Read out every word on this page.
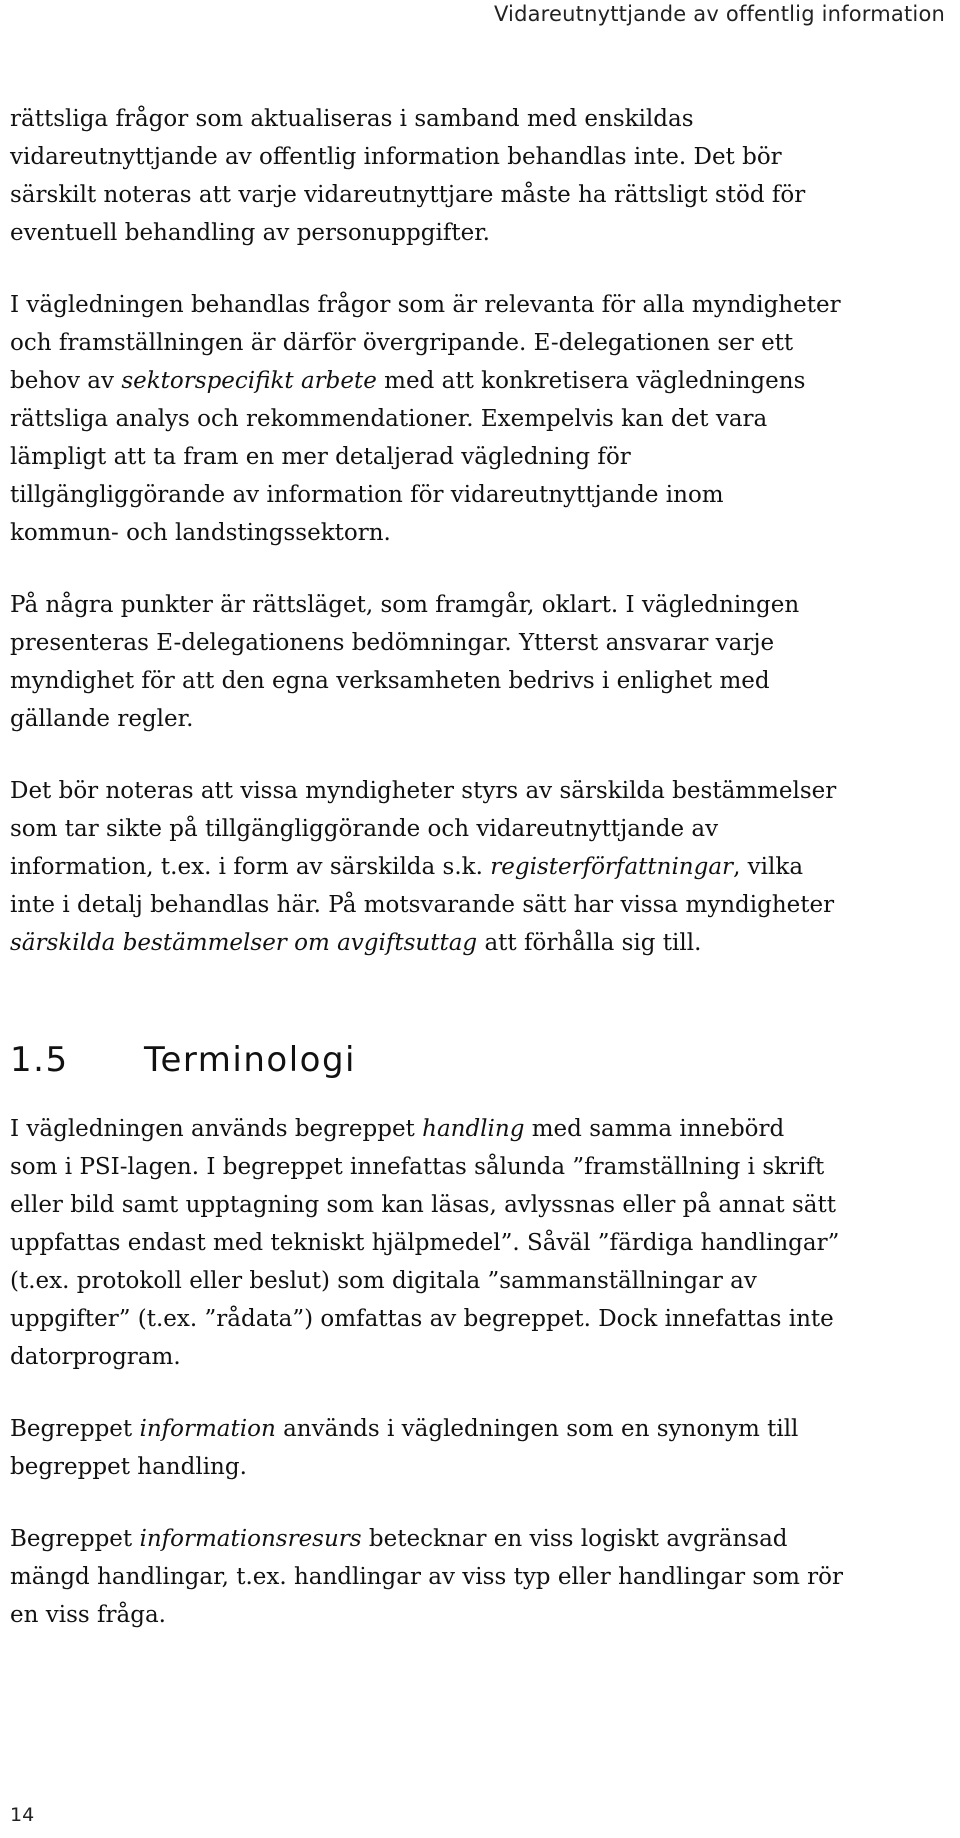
Vidareutnyttjande av offentlig information

rättsliga frågor som aktualiseras i samband med enskildas
vidareutnyttjande av offentlig information behandlas inte. Det bör
särskilt noteras att varje vidareutnyttjare måste ha rättsligt stöd för
eventuell behandling av personuppgifter.

I vägledningen behandlas frågor som är relevanta för alla myndigheter
och framställningen är därför övergripande. E-delegationen ser ett
behov av sektorspecifikt arbete med att konkretisera vägledningens
rättsliga analys och rekommendationer. Exempelvis kan det vara
lämpligt att ta fram en mer detaljerad vägledning för
tillgängliggörande av information för vidareutnyttjande inom
kommun- och landstingssektorn.

På några punkter är rättsläget, som framgår, oklart. I vägledningen
presenteras E-delegationens bedömningar. Ytterst ansvarar varje
myndighet för att den egna verksamheten bedrivs i enlighet med
gällande regler.

Det bör noteras att vissa myndigheter styrs av särskilda bestämmelser
som tar sikte på tillgängliggörande och vidareutnyttjande av
information, t.ex. i form av särskilda s.k. registerförfattningar, vilka
inte i detalj behandlas här. På motsvarande sätt har vissa myndigheter
särskilda bestämmelser om avgiftsuttag att förhålla sig till.

1.5 Terminologi

I vägledningen används begreppet handling med samma innebörd
som i PSI-lagen. I begreppet innefattas sålunda ”framställning i skrift
eller bild samt upptagning som kan läsas, avlyssnas eller på annat sätt
uppfattas endast med tekniskt hjälpmedel”. Såväl ”färdiga handlingar”
(t.ex. protokoll eller beslut) som digitala ”sammanställningar av
uppgifter” (t.ex. ”rådata”) omfattas av begreppet. Dock innefattas inte
datorprogram.

Begreppet information används i vägledningen som en synonym till
begreppet handling.

Begreppet informationsresurs betecknar en viss logiskt avgränsad
mängd handlingar, t.ex. handlingar av viss typ eller handlingar som rör
en viss fråga.

14
